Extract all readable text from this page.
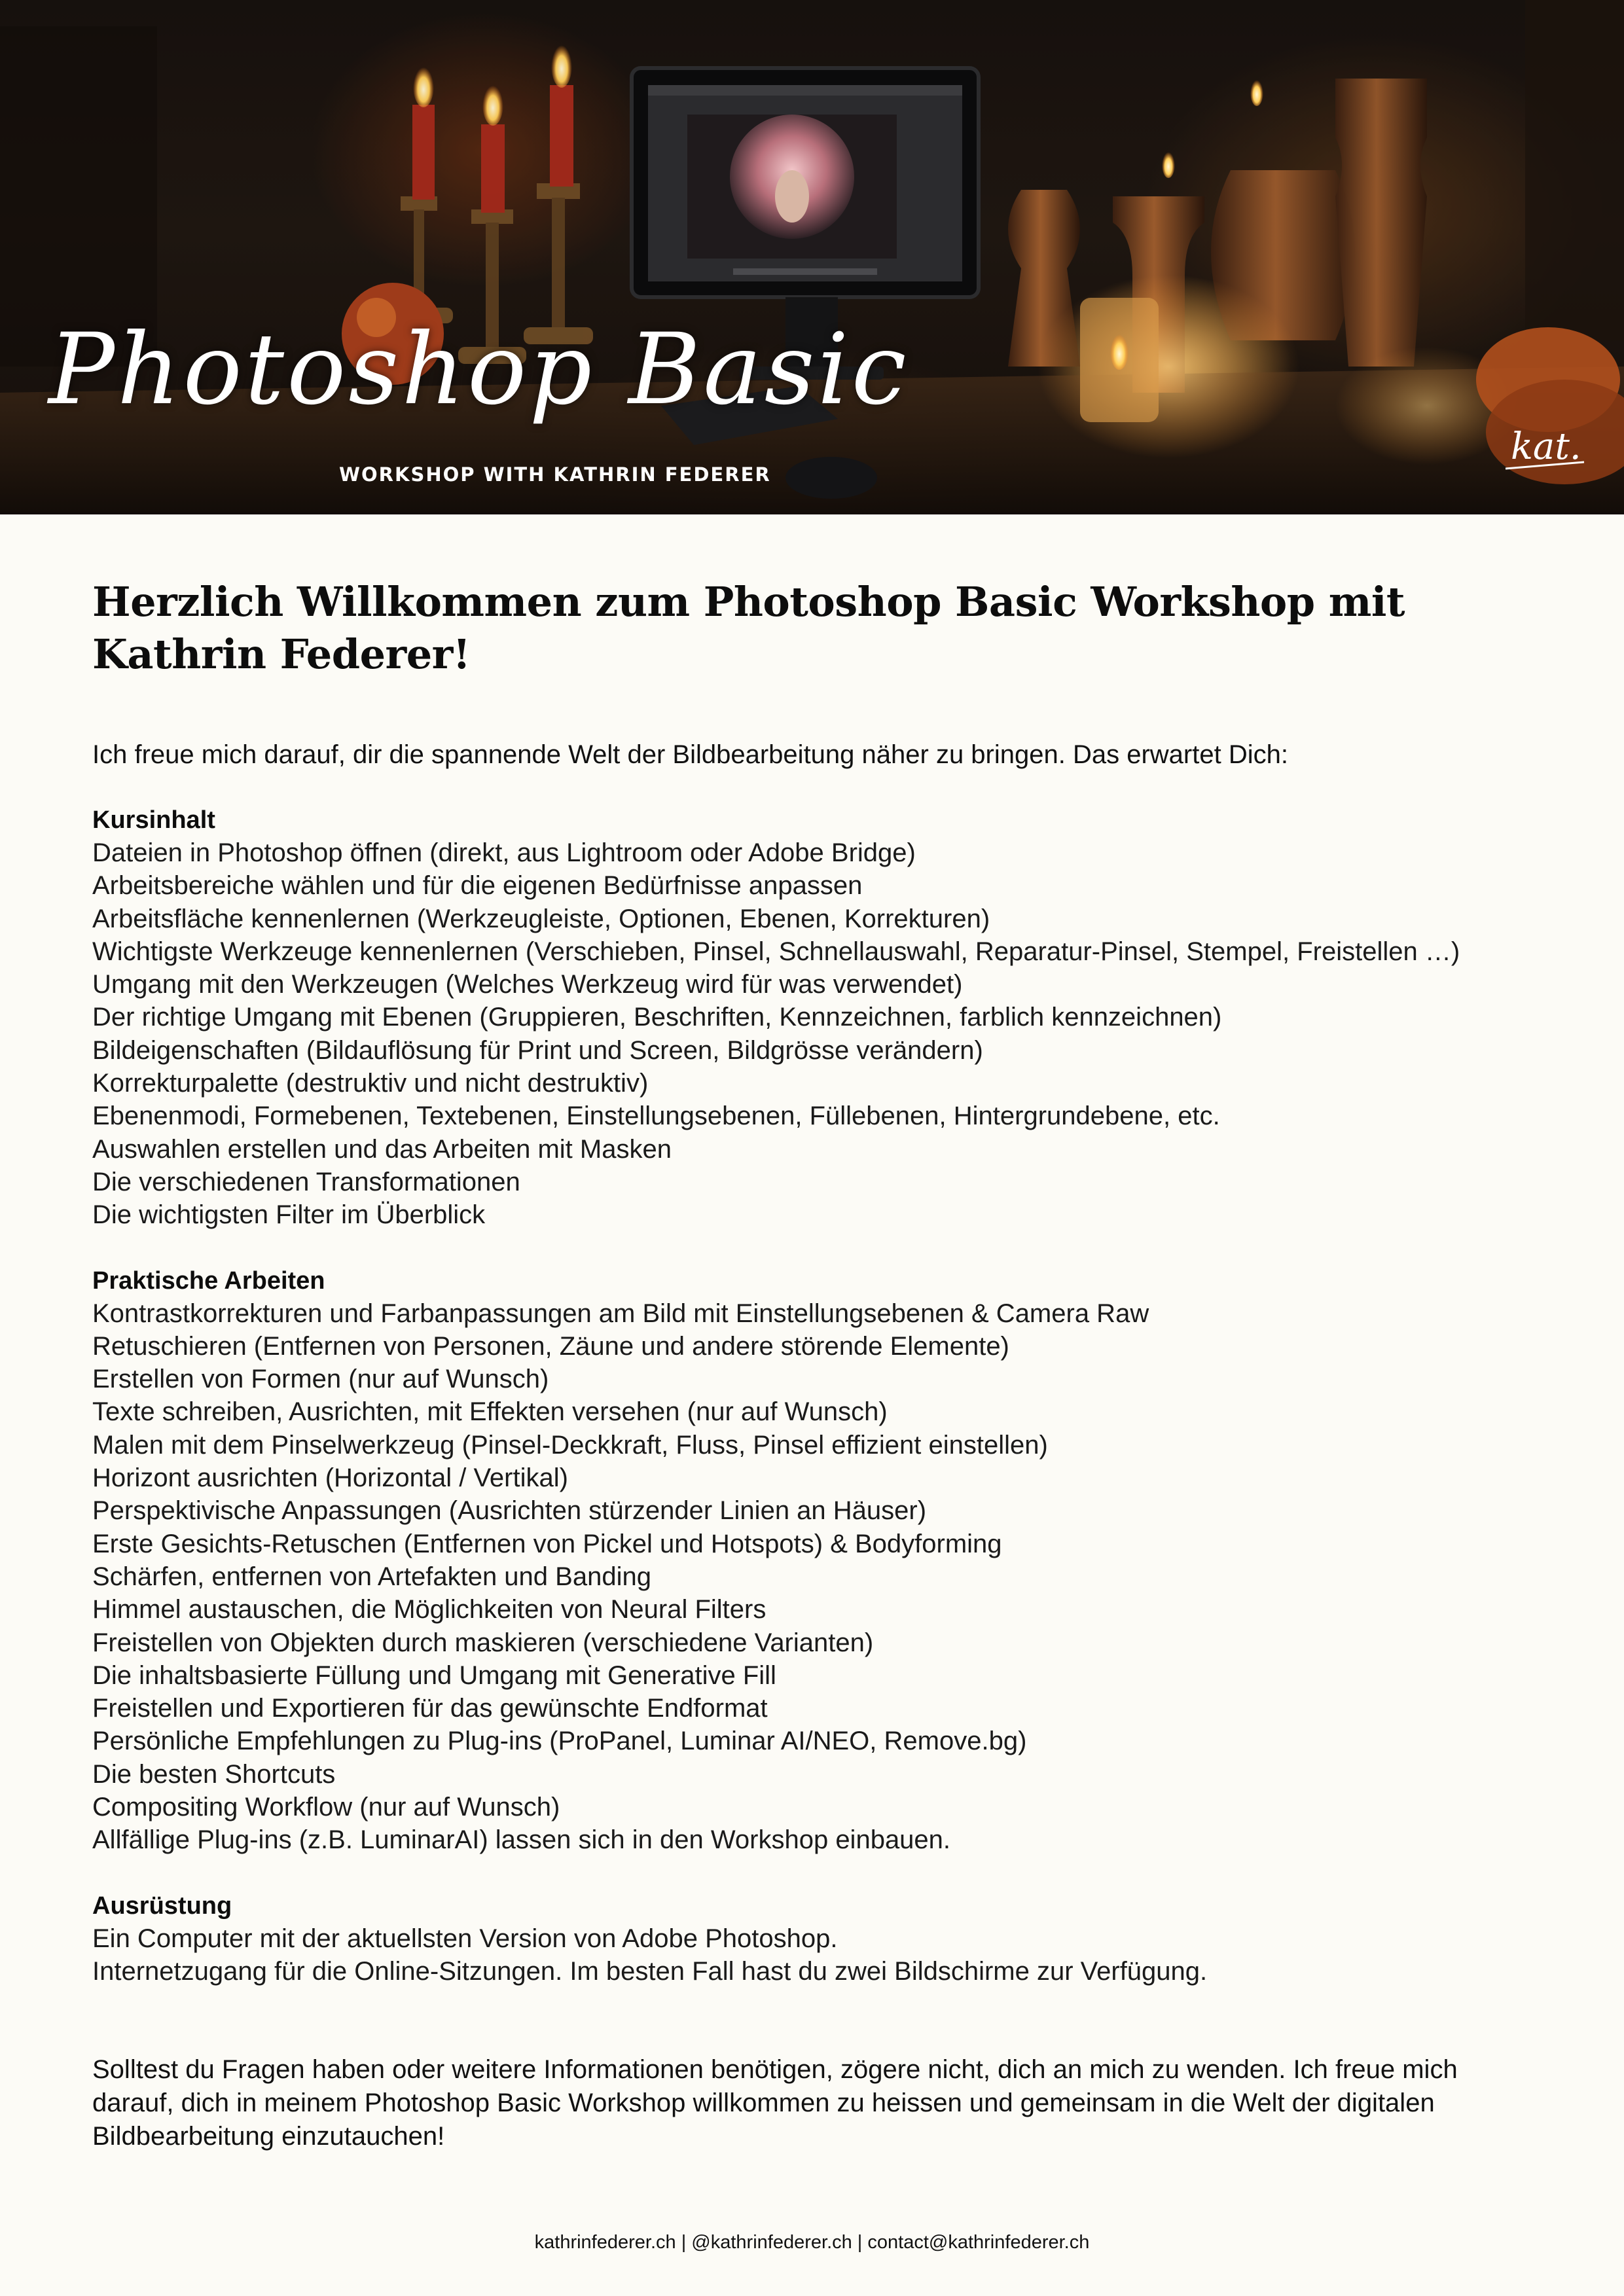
Photoshop Basic

WORKSHOP WITH KATHRIN FEDERER

kat.
Herzlich Willkommen zum Photoshop Basic Workshop mit Kathrin Federer!

Ich freue mich darauf, dir die spannende Welt der Bildbearbeitung näher zu bringen. Das erwartet Dich:

Kursinhalt
Dateien in Photoshop öffnen (direkt, aus Lightroom oder Adobe Bridge)
Arbeitsbereiche wählen und für die eigenen Bedürfnisse anpassen
Arbeitsfläche kennenlernen (Werkzeugleiste, Optionen, Ebenen, Korrekturen)
Wichtigste Werkzeuge kennenlernen (Verschieben, Pinsel, Schnellauswahl, Reparatur-Pinsel, Stempel, Freistellen …)
Umgang mit den Werkzeugen (Welches Werkzeug wird für was verwendet)
Der richtige Umgang mit Ebenen (Gruppieren, Beschriften, Kennzeichnen, farblich kennzeichnen)
Bildeigenschaften (Bildauflösung für Print und Screen, Bildgrösse verändern)
Korrekturpalette (destruktiv und nicht destruktiv)
Ebenenmodi, Formebenen, Textebenen, Einstellungsebenen, Füllebenen, Hintergrundebene, etc.
Auswahlen erstellen und das Arbeiten mit Masken
Die verschiedenen Transformationen
Die wichtigsten Filter im Überblick
Praktische Arbeiten
Kontrastkorrekturen und Farbanpassungen am Bild mit Einstellungsebenen & Camera Raw
Retuschieren (Entfernen von Personen, Zäune und andere störende Elemente)
Erstellen von Formen (nur auf Wunsch)
Texte schreiben, Ausrichten, mit Effekten versehen (nur auf Wunsch)
Malen mit dem Pinselwerkzeug (Pinsel-Deckkraft, Fluss, Pinsel effizient einstellen)
Horizont ausrichten (Horizontal / Vertikal)
Perspektivische Anpassungen (Ausrichten stürzender Linien an Häuser)
Erste Gesichts-Retuschen (Entfernen von Pickel und Hotspots) & Bodyforming
Schärfen, entfernen von Artefakten und Banding
Himmel austauschen, die Möglichkeiten von Neural Filters
Freistellen von Objekten durch maskieren (verschiedene Varianten)
Die inhaltsbasierte Füllung und Umgang mit Generative Fill
Freistellen und Exportieren für das gewünschte Endformat
Persönliche Empfehlungen zu Plug-ins (ProPanel, Luminar AI/NEO, Remove.bg)
Die besten Shortcuts
Compositing Workflow (nur auf Wunsch)
Allfällige Plug-ins (z.B. LuminarAI) lassen sich in den Workshop einbauen.
Ausrüstung
Ein Computer mit der aktuellsten Version von Adobe Photoshop.
Internetzugang für die Online-Sitzungen. Im besten Fall hast du zwei Bildschirme zur Verfügung.

Solltest du Fragen haben oder weitere Informationen benötigen, zögere nicht, dich an mich zu wenden. Ich freue mich darauf, dich in meinem Photoshop Basic Workshop willkommen zu heissen und gemeinsam in die Welt der digitalen Bildbearbeitung einzutauchen!

kathrinfederer.ch | @kathrinfederer.ch | contact@kathrinfederer.ch
